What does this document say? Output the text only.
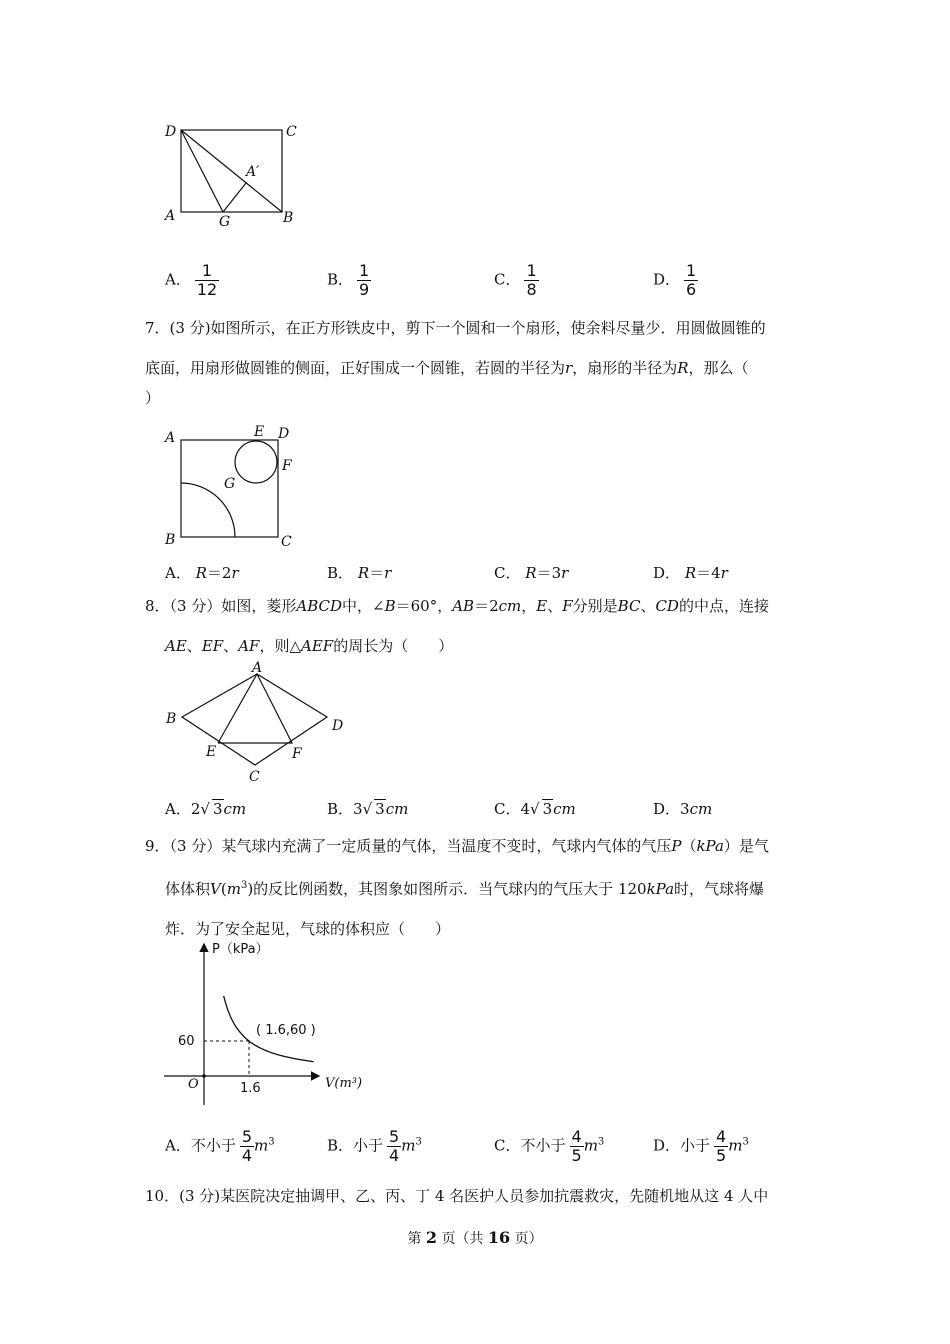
D	C
A	G	B
A′
A． $\frac{1}{12}$	B． $\frac{1}{9}$	C． $\frac{1}{8}$	D． $\frac{1}{6}$
7．(3 分)如图所示，在正方形铁皮中，剪下一个圆和一个扇形，使余料尽量少．用圆做圆锥的
底面，用扇形做圆锥的侧面，正好围成一个圆锥，若圆的半径为r，扇形的半径为R，那么（
）
A	E D
F
G
B	C
A． R＝2r	B． R＝r	C． R＝3r	D． R＝4r
8．（3 分）如图，菱形ABCD中，∠B＝60°，AB＝2cm，E、F分别是BC、CD的中点，连接
AE、EF、AF，则△AEF的周长为（　　）
A
B	D
E	F
C
A．2√ 3cm	B．3√ 3cm	C．4√ 3cm	D．3cm
9．（3 分）某气球内充满了一定质量的气体，当温度不变时，气球内气体的气压P（kPa）是气
体体积$V(m^3)$的反比例函数，其图象如图所示．当气球内的气压大于 120kPa时，气球将爆
炸．为了安全起见，气球的体积应（　　）
P（kPa）
V(m³)
O
60
1.6
( 1.6,60 )
A．不小于 $\frac{5}{4} m^3$	B．小于 $\frac{5}{4} m^3$	C．不小于 $\frac{4}{5} m^3$	D．小于 $\frac{4}{5} m^3$
10．(3 分)某医院决定抽调甲、乙、丙、丁 4 名医护人员参加抗震救灾，先随机地从这 4 人中
第 2 页（共 16 页）
